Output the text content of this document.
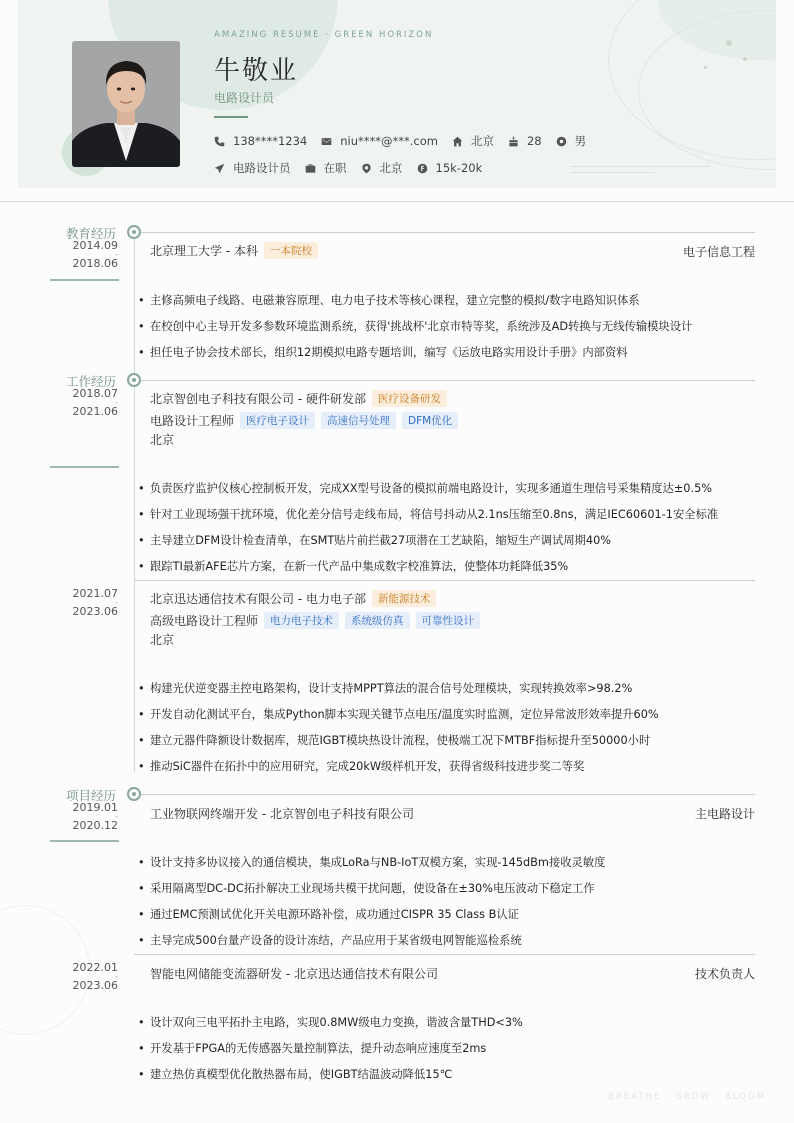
AMAZING RESUME · GREEN HORIZON
牛敬业
电路设计员
138****1234	niu****@***.com	北京	28	男
电路设计员	在职	北京	15k-20k
教育经历
2014.09
-
2018.06
北京理工大学 - 本科	一本院校	电子信息工程
• 主修高频电子线路、电磁兼容原理、电力电子技术等核心课程，建立完整的模拟/数字电路知识体系
• 在校创中心主导开发多参数环境监测系统，获得'挑战杯'北京市特等奖，系统涉及AD转换与无线传输模块设计
• 担任电子协会技术部长，组织12期模拟电路专题培训，编写《运放电路实用设计手册》内部资料
工作经历
2018.07
-
2021.06
北京智创电子科技有限公司 - 硬件研发部	医疗设备研发
电路设计工程师	医疗电子设计	高速信号处理	DFM优化
北京
• 负责医疗监护仪核心控制板开发，完成XX型号设备的模拟前端电路设计，实现多通道生理信号采集精度达±0.5%
• 针对工业现场强干扰环境，优化差分信号走线布局，将信号抖动从2.1ns压缩至0.8ns，满足IEC60601-1安全标准
• 主导建立DFM设计检查清单，在SMT贴片前拦截27项潜在工艺缺陷，缩短生产调试周期40%
• 跟踪TI最新AFE芯片方案，在新一代产品中集成数字校准算法，使整体功耗降低35%
2021.07
-
2023.06
北京迅达通信技术有限公司 - 电力电子部	新能源技术
高级电路设计工程师	电力电子技术	系统级仿真	可靠性设计
北京
• 构建光伏逆变器主控电路架构，设计支持MPPT算法的混合信号处理模块，实现转换效率>98.2%
• 开发自动化测试平台，集成Python脚本实现关键节点电压/温度实时监测，定位异常波形效率提升60%
• 建立元器件降额设计数据库，规范IGBT模块热设计流程，使极端工况下MTBF指标提升至50000小时
• 推动SiC器件在拓扑中的应用研究，完成20kW级样机开发，获得省级科技进步奖二等奖
项目经历
2019.01
-
2020.12
工业物联网终端开发 - 北京智创电子科技有限公司	主电路设计
• 设计支持多协议接入的通信模块，集成LoRa与NB-IoT双模方案，实现-145dBm接收灵敏度
• 采用隔离型DC-DC拓扑解决工业现场共模干扰问题，使设备在±30%电压波动下稳定工作
• 通过EMC预测试优化开关电源环路补偿，成功通过CISPR 35 Class B认证
• 主导完成500台量产设备的设计冻结，产品应用于某省级电网智能巡检系统
2022.01
-
2023.06
智能电网储能变流器研发 - 北京迅达通信技术有限公司	技术负责人
• 设计双向三电平拓扑主电路，实现0.8MW级电力变换，谐波含量THD<3%
• 开发基于FPGA的无传感器矢量控制算法，提升动态响应速度至2ms
• 建立热仿真模型优化散热器布局，使IGBT结温波动降低15℃
BREATHE · GROW · BLOOM
